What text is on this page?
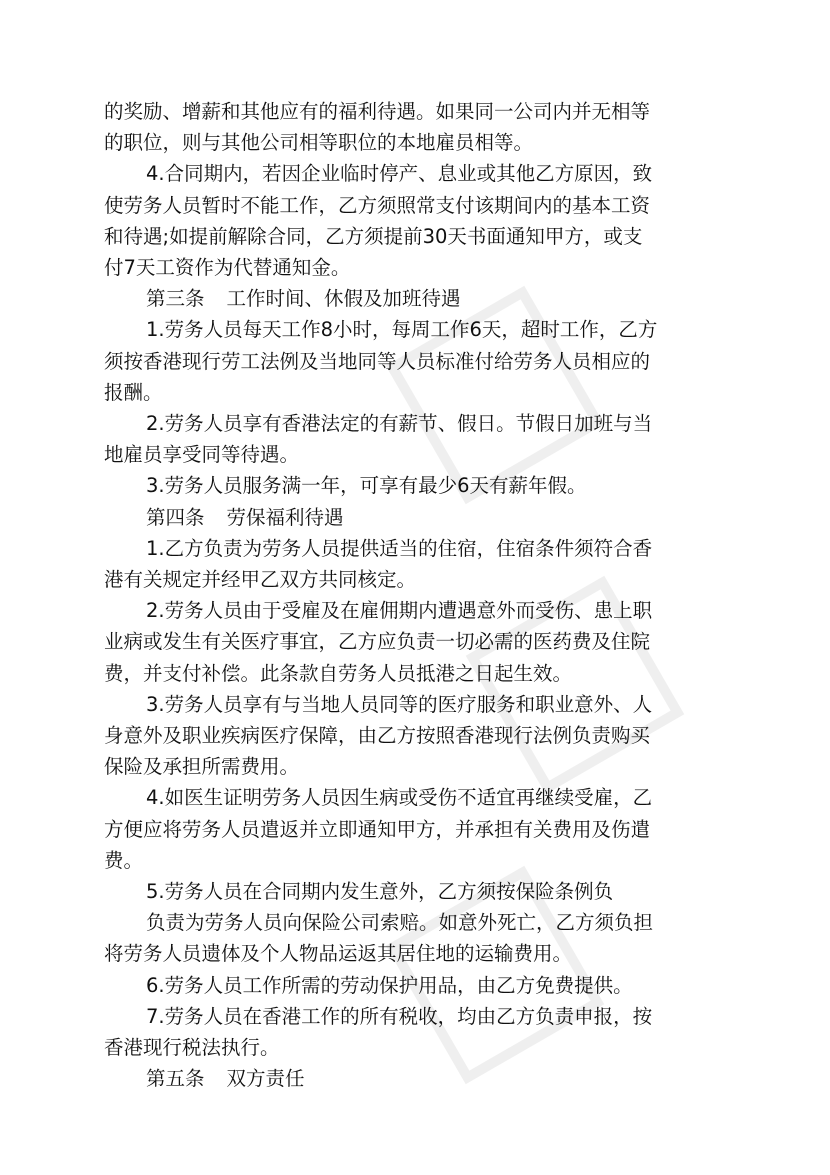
的奖励、增薪和其他应有的福利待遇。如果同一公司内并无相等
的职位，则与其他公司相等职位的本地雇员相等。
4.合同期内，若因企业临时停产、息业或其他乙方原因，致
使劳务人员暂时不能工作，乙方须照常支付该期间内的基本工资
和待遇;如提前解除合同，乙方须提前30天书面通知甲方，或支
付7天工资作为代替通知金。
第三条 工作时间、休假及加班待遇
1.劳务人员每天工作8小时，每周工作6天，超时工作，乙方
须按香港现行劳工法例及当地同等人员标准付给劳务人员相应的
报酬。
2.劳务人员享有香港法定的有薪节、假日。节假日加班与当
地雇员享受同等待遇。
3.劳务人员服务满一年，可享有最少6天有薪年假。
第四条 劳保福利待遇
1.乙方负责为劳务人员提供适当的住宿，住宿条件须符合香
港有关规定并经甲乙双方共同核定。
2.劳务人员由于受雇及在雇佣期内遭遇意外而受伤、患上职
业病或发生有关医疗事宜，乙方应负责一切必需的医药费及住院
费，并支付补偿。此条款自劳务人员抵港之日起生效。
3.劳务人员享有与当地人员同等的医疗服务和职业意外、人
身意外及职业疾病医疗保障，由乙方按照香港现行法例负责购买
保险及承担所需费用。
4.如医生证明劳务人员因生病或受伤不适宜再继续受雇，乙
方便应将劳务人员遣返并立即通知甲方，并承担有关费用及伤遣
费。
5.劳务人员在合同期内发生意外，乙方须按保险条例负
负责为劳务人员向保险公司索赔。如意外死亡，乙方须负担
将劳务人员遗体及个人物品运返其居住地的运输费用。
6.劳务人员工作所需的劳动保护用品，由乙方免费提供。
7.劳务人员在香港工作的所有税收，均由乙方负责申报，按
香港现行税法执行。
第五条 双方责任
